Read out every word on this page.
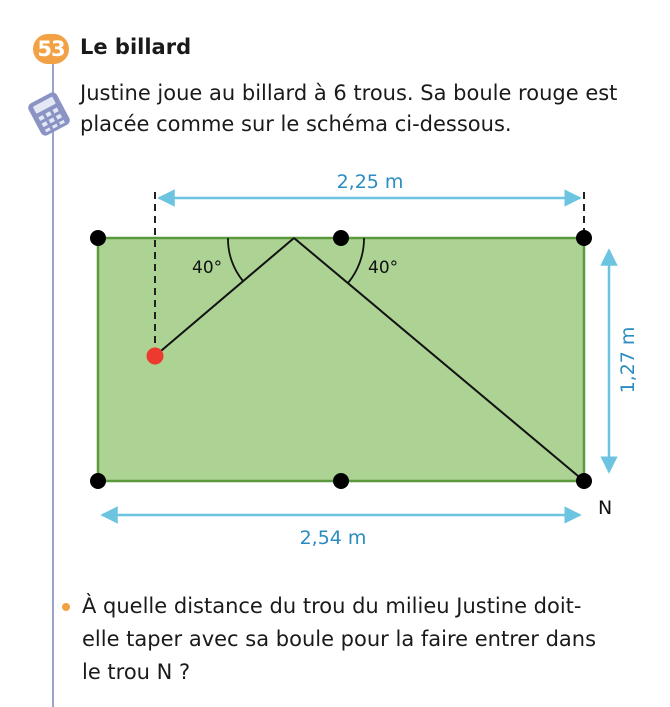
53 Le billard
Justine joue au billard à 6 trous. Sa boule rouge est
placée comme sur le schéma ci-dessous.
40°	40°
2,25 m
2,54 m
1,27 m
N
À quelle distance du trou du milieu Justine doit-
elle taper avec sa boule pour la faire entrer dans
le trou N ?
